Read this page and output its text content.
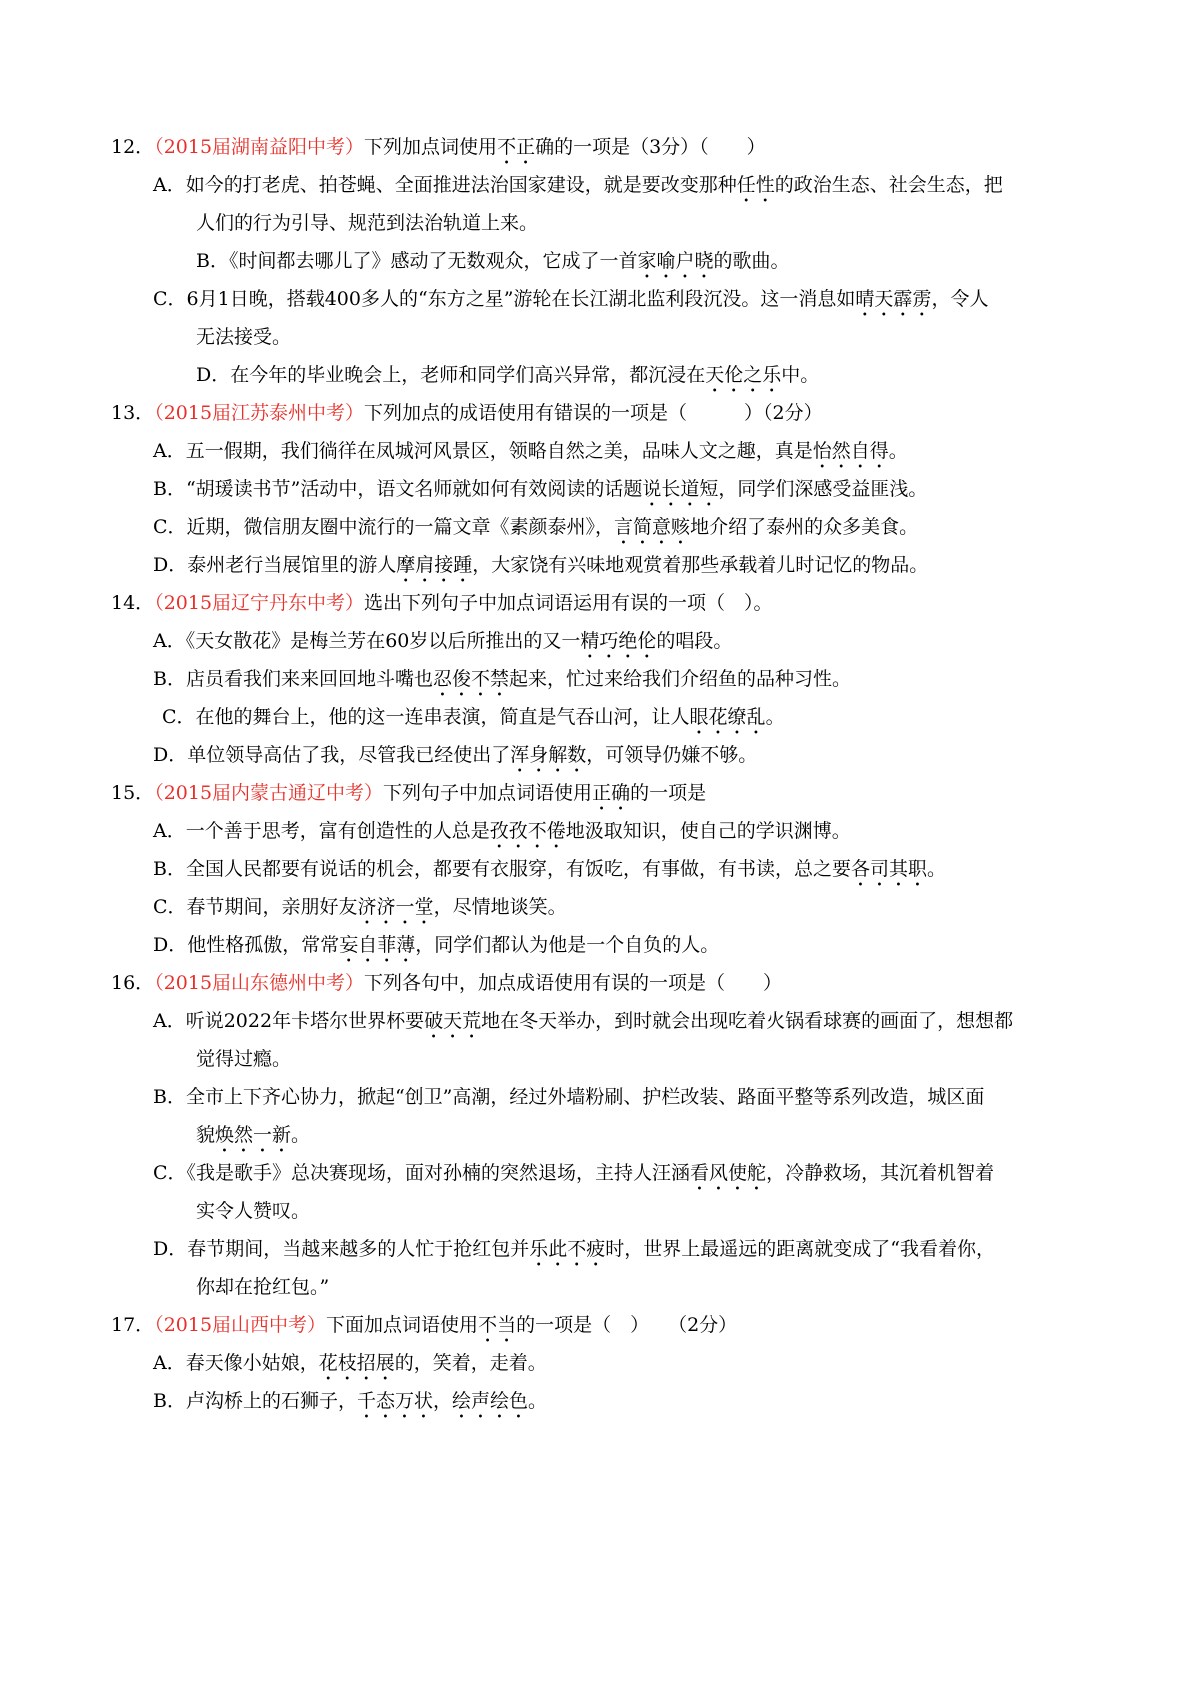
12．（2015届湖南益阳中考）下列加点词使用不正确的一项是（3分）（　　）
A．如今的打老虎、拍苍蝇、全面推进法治国家建设，就是要改变那种任性的政治生态、社会生态，把
人们的行为引导、规范到法治轨道上来。
B．《时间都去哪儿了》感动了无数观众，它成了一首家喻户晓的歌曲。
C．6月1日晚，搭载400多人的“东方之星”游轮在长江湖北监利段沉没。这一消息如晴天霹雳，令人
无法接受。
D．在今年的毕业晚会上，老师和同学们高兴异常，都沉浸在天伦之乐中。
13．（2015届江苏泰州中考）下列加点的成语使用有错误的一项是（　　　）（2分）
A．五一假期，我们徜徉在凤城河风景区，领略自然之美，品味人文之趣，真是怡然自得。
B．“胡瑗读书节”活动中，语文名师就如何有效阅读的话题说长道短，同学们深感受益匪浅。
C．近期，微信朋友圈中流行的一篇文章《素颜泰州》，言简意赅地介绍了泰州的众多美食。
D．泰州老行当展馆里的游人摩肩接踵，大家饶有兴味地观赏着那些承载着儿时记忆的物品。
14．（2015届辽宁丹东中考）选出下列句子中加点词语运用有误的一项（　）。
A．《天女散花》是梅兰芳在60岁以后所推出的又一精巧绝伦的唱段。
B．店员看我们来来回回地斗嘴也忍俊不禁起来，忙过来给我们介绍鱼的品种习性。
C．在他的舞台上，他的这一连串表演，简直是气吞山河，让人眼花缭乱。
D．单位领导高估了我，尽管我已经使出了浑身解数，可领导仍嫌不够。
15．（2015届内蒙古通辽中考）下列句子中加点词语使用正确的一项是
A．一个善于思考，富有创造性的人总是孜孜不倦地汲取知识，使自己的学识渊博。
B．全国人民都要有说话的机会，都要有衣服穿，有饭吃，有事做，有书读，总之要各司其职。
C．春节期间，亲朋好友济济一堂，尽情地谈笑。
D．他性格孤傲，常常妄自菲薄，同学们都认为他是一个自负的人。
16．（2015届山东德州中考）下列各句中，加点成语使用有误的一项是（　　）
A．听说2022年卡塔尔世界杯要破天荒地在冬天举办，到时就会出现吃着火锅看球赛的画面了，想想都
觉得过瘾。
B．全市上下齐心协力，掀起“创卫”高潮，经过外墙粉刷、护栏改装、路面平整等系列改造，城区面
貌焕然一新。
C．《我是歌手》总决赛现场，面对孙楠的突然退场，主持人汪涵看风使舵，冷静救场，其沉着机智着
实令人赞叹。
D．春节期间，当越来越多的人忙于抢红包并乐此不疲时，世界上最遥远的距离就变成了“我看着你，
你却在抢红包。”
17．（2015届山西中考）下面加点词语使用不当的一项是（　）　　（2分）
A．春天像小姑娘，花枝招展的，笑着，走着。
B．卢沟桥上的石狮子，千态万状，绘声绘色。
